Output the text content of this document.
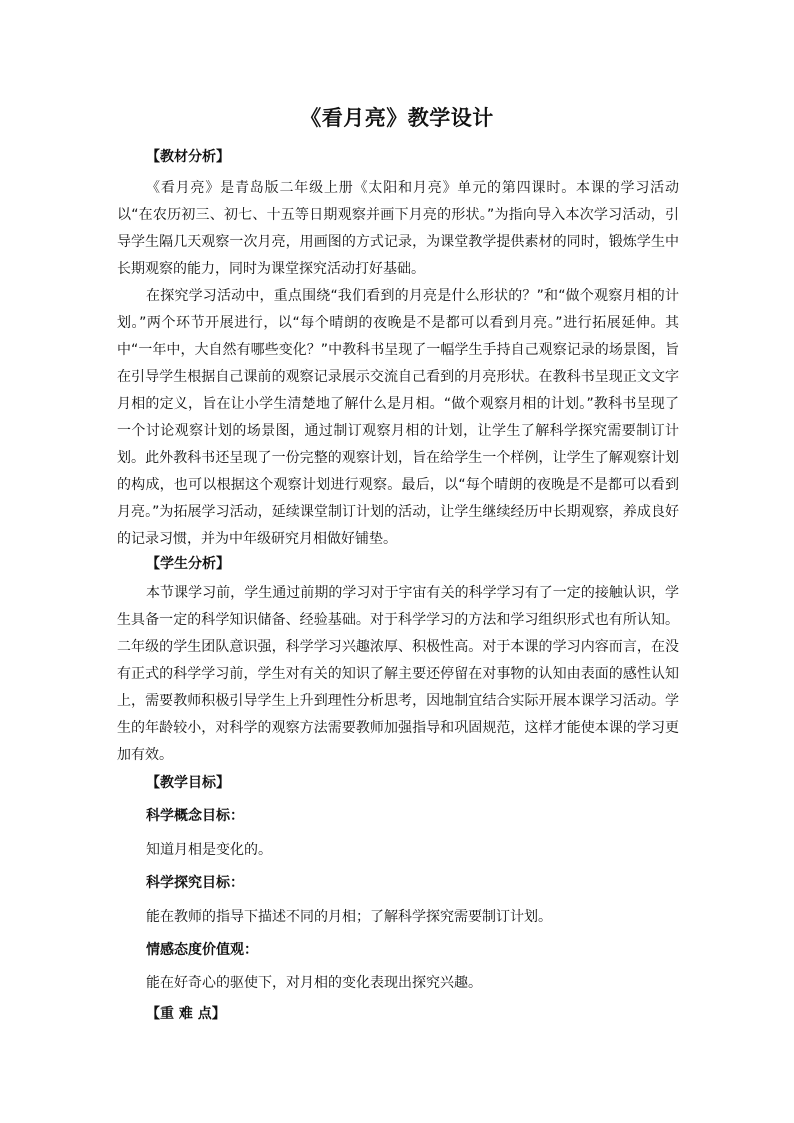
《看月亮》教学设计
【教材分析】
《看月亮》是青岛版二年级上册《太阳和月亮》单元的第四课时。本课的学习活动以“在农历初三、初七、十五等日期观察并画下月亮的形状。”为指向导入本次学习活动，引导学生隔几天观察一次月亮，用画图的方式记录，为课堂教学提供素材的同时，锻炼学生中长期观察的能力，同时为课堂探究活动打好基础。
在探究学习活动中，重点围绕“我们看到的月亮是什么形状的？”和“做个观察月相的计划。”两个环节开展进行，以“每个晴朗的夜晚是不是都可以看到月亮。”进行拓展延伸。其中“一年中，大自然有哪些变化？”中教科书呈现了一幅学生手持自己观察记录的场景图，旨在引导学生根据自己课前的观察记录展示交流自己看到的月亮形状。在教科书呈现正文文字月相的定义，旨在让小学生清楚地了解什么是月相。“做个观察月相的计划。”教科书呈现了一个讨论观察计划的场景图，通过制订观察月相的计划，让学生了解科学探究需要制订计划。此外教科书还呈现了一份完整的观察计划，旨在给学生一个样例，让学生了解观察计划的构成，也可以根据这个观察计划进行观察。最后，以“每个晴朗的夜晚是不是都可以看到月亮。”为拓展学习活动，延续课堂制订计划的活动，让学生继续经历中长期观察，养成良好的记录习惯，并为中年级研究月相做好铺垫。
【学生分析】
本节课学习前，学生通过前期的学习对于宇宙有关的科学学习有了一定的接触认识，学生具备一定的科学知识储备、经验基础。对于科学学习的方法和学习组织形式也有所认知。二年级的学生团队意识强，科学学习兴趣浓厚、积极性高。对于本课的学习内容而言，在没有正式的科学学习前，学生对有关的知识了解主要还停留在对事物的认知由表面的感性认知上，需要教师积极引导学生上升到理性分析思考，因地制宜结合实际开展本课学习活动。学生的年龄较小，对科学的观察方法需要教师加强指导和巩固规范，这样才能使本课的学习更加有效。
【教学目标】
科学概念目标：
知道月相是变化的。
科学探究目标：
能在教师的指导下描述不同的月相；了解科学探究需要制订计划。
情感态度价值观：
能在好奇心的驱使下，对月相的变化表现出探究兴趣。
【重 难 点】
